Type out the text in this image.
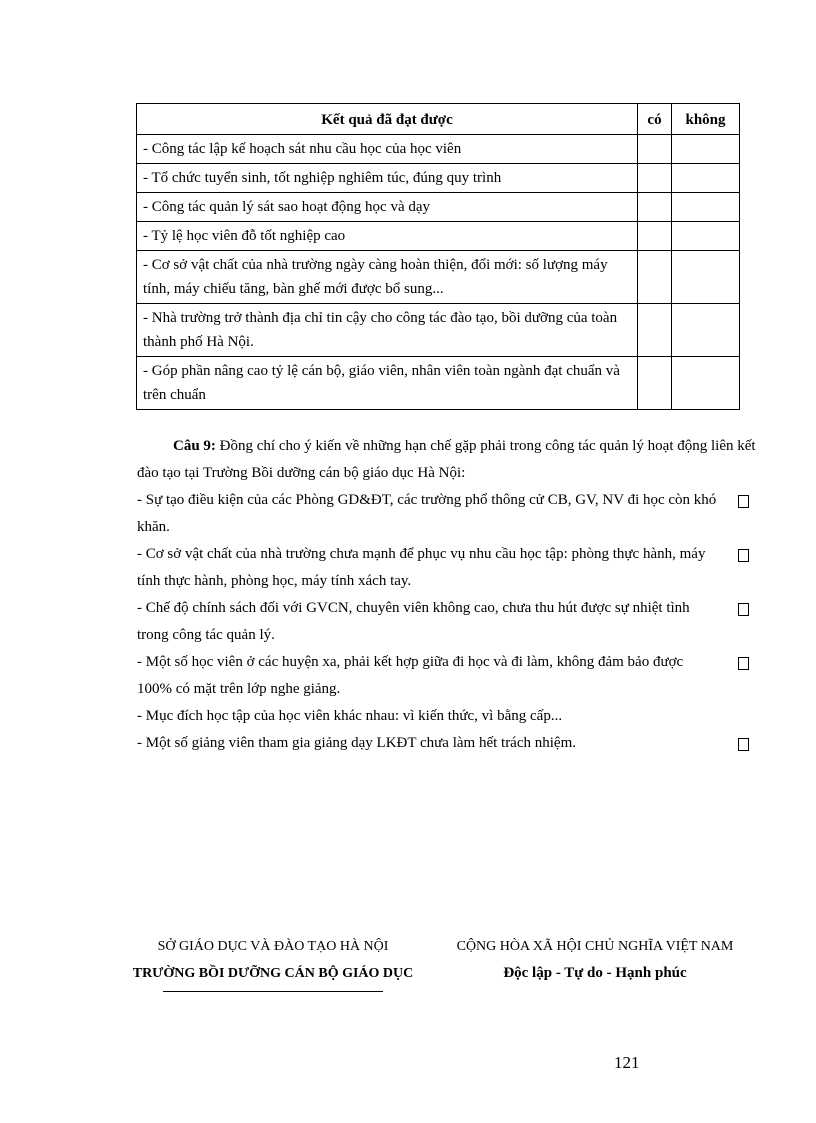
Kết quả đã đạt được	có	không
- Công tác lập kế hoạch sát nhu cầu học của học viên		
- Tổ chức tuyển sinh, tốt nghiệp nghiêm túc, đúng quy trình		
- Công tác quản lý sát sao hoạt động học và dạy		
- Tỷ lệ học viên đỗ tốt nghiệp cao		
- Cơ sở vật chất của nhà trường ngày càng hoàn thiện, đổi mới: số lượng máy tính, máy chiếu tăng, bàn ghế mới được bổ sung...		
- Nhà trường trở thành địa chỉ tin cậy cho công tác đào tạo, bồi dưỡng của toàn thành phố Hà Nội.		
- Góp phần nâng cao tỷ lệ cán bộ, giáo viên, nhân viên toàn ngành đạt chuẩn và trên chuẩn		

Câu 9: Đồng chí cho ý kiến về những hạn chế gặp phải trong công tác quản lý hoạt động liên kết đào tạo tại Trường Bồi dưỡng cán bộ giáo dục Hà Nội:

- Sự tạo điều kiện của các Phòng GD&ĐT, các trường phổ thông cử CB, GV, NV đi học còn khó khăn.

- Cơ sở vật chất của nhà trường chưa mạnh để phục vụ nhu cầu học tập: phòng thực hành, máy tính thực hành, phòng học, máy tính xách tay.

- Chế độ chính sách đối với GVCN, chuyên viên không cao, chưa thu hút được sự nhiệt tình trong công tác quản lý.

- Một số học viên ở các huyện xa, phải kết hợp giữa đi học và đi làm, không đảm bảo được 100% có mặt trên lớp nghe giảng.

- Mục đích học tập của học viên khác nhau: vì kiến thức, vì bằng cấp...

- Một số giảng viên tham gia giảng dạy LKĐT chưa làm hết trách nhiệm.

SỞ GIÁO DỤC VÀ ĐÀO TẠO HÀ NỘI
TRƯỜNG BỒI DƯỠNG CÁN BỘ GIÁO DỤC
CỘNG HÒA XÃ HỘI CHỦ NGHĨA VIỆT NAM
Độc lập - Tự do - Hạnh phúc
121
